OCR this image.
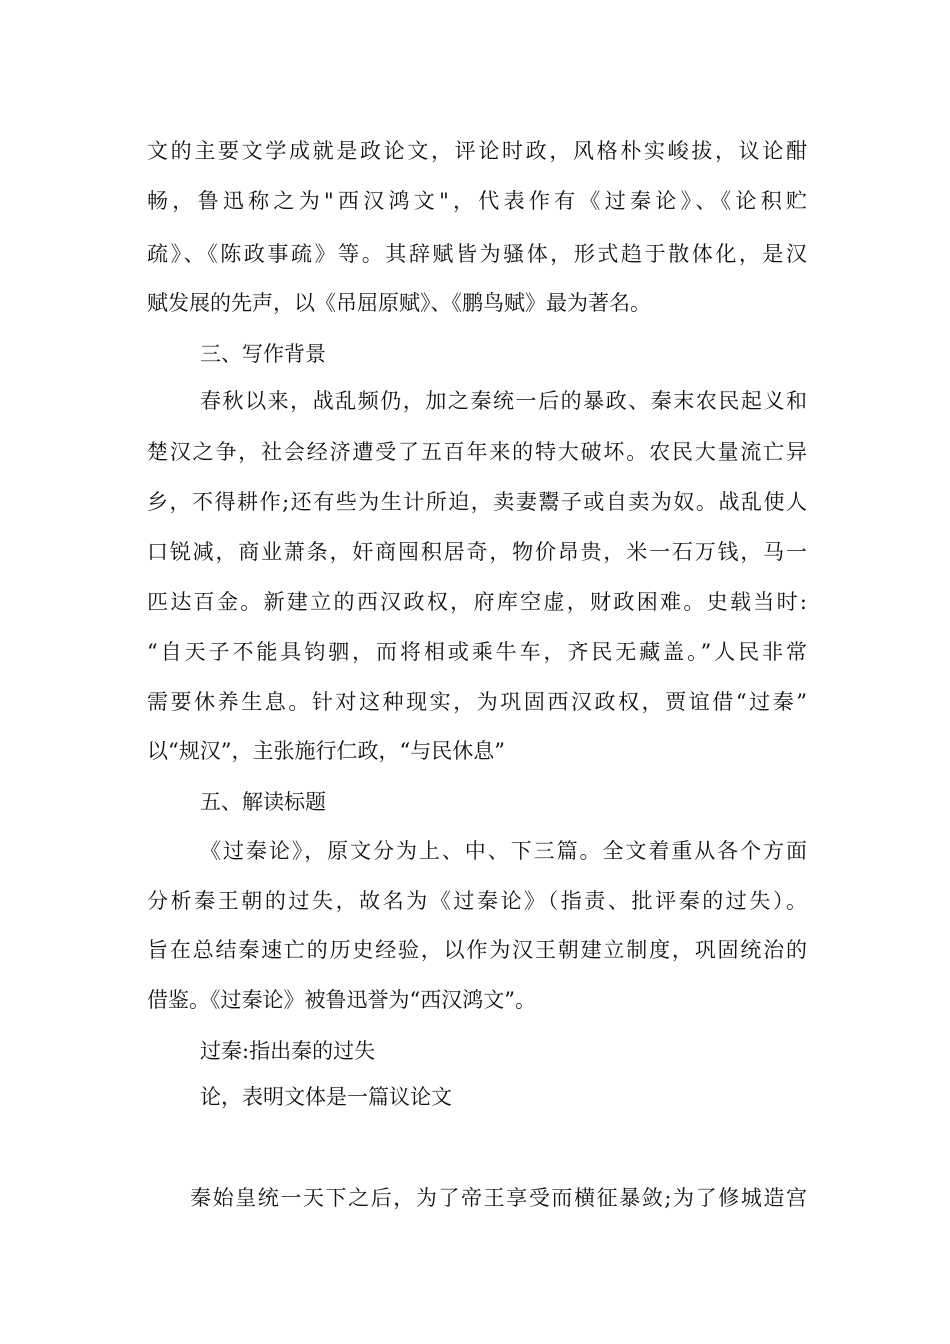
文的主要文学成就是政论文，评论时政，风格朴实峻拔，议论酣
畅，鲁迅称之为"西汉鸿文"，代表作有《过秦论》、《论积贮
疏》、《陈政事疏》等。其辞赋皆为骚体，形式趋于散体化，是汉
赋发展的先声，以《吊屈原赋》、《鹏鸟赋》最为著名。
三、写作背景
春秋以来，战乱频仍，加之秦统一后的暴政、秦末农民起义和
楚汉之争，社会经济遭受了五百年来的特大破坏。农民大量流亡异
乡，不得耕作;还有些为生计所迫，卖妻鬻子或自卖为奴。战乱使人
口锐减，商业萧条，奸商囤积居奇，物价昂贵，米一石万钱，马一
匹达百金。新建立的西汉政权，府库空虚，财政困难。史载当时:
“自天子不能具钧驷，而将相或乘牛车，齐民无藏盖。”人民非常
需要休养生息。针对这种现实，为巩固西汉政权，贾谊借“过秦”
以“规汉”，主张施行仁政，“与民休息”
五、解读标题
《过秦论》，原文分为上、中、下三篇。全文着重从各个方面
分析秦王朝的过失，故名为《过秦论》（指责、批评秦的过失）。
旨在总结秦速亡的历史经验，以作为汉王朝建立制度，巩固统治的
借鉴。《过秦论》被鲁迅誉为“西汉鸿文”。
过秦:指出秦的过失
论，表明文体是一篇议论文
秦始皇统一天下之后，为了帝王享受而横征暴敛;为了修城造宫
